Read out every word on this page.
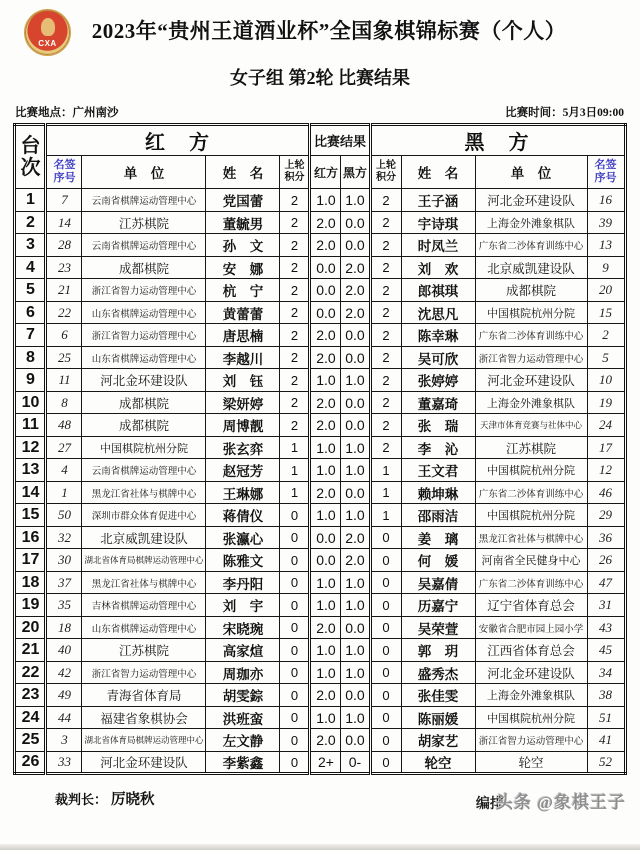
CXA
2023年“贵州王道酒业杯”全国象棋锦标赛（个人）
女子组 第2轮 比赛结果
比赛地点：广州南沙	比赛时间：5月3日09:00
台次	红　方				比赛结果		黑　方			
	名签序号	单　位	姓　名	上轮积分	红方	黑方	上轮积分	姓　名	单　位	名签序号
1	7	云南省棋牌运动管理中心	党国蕾	2	1.0	1.0	2	王子涵	河北金环建设队	16
2	14	江苏棋院	董毓男	2	2.0	0.0	2	宇诗琪	上海金外滩象棋队	39
3	28	云南省棋牌运动管理中心	孙　文	2	2.0	0.0	2	时凤兰	广东省二沙体育训练中心	13
4	23	成都棋院	安　娜	2	0.0	2.0	2	刘　欢	北京威凯建设队	9
5	21	浙江省智力运动管理中心	杭　宁	2	0.0	2.0	2	郎祺琪	成都棋院	20
6	22	山东省棋牌运动管理中心	黄蕾蕾	2	0.0	2.0	2	沈思凡	中国棋院杭州分院	15
7	6	浙江省智力运动管理中心	唐思楠	2	2.0	0.0	2	陈幸琳	广东省二沙体育训练中心	2
8	25	山东省棋牌运动管理中心	李越川	2	2.0	0.0	2	吴可欣	浙江省智力运动管理中心	5
9	11	河北金环建设队	刘　钰	2	1.0	1.0	2	张婷婷	河北金环建设队	10
10	8	成都棋院	梁妍婷	2	2.0	0.0	2	董嘉琦	上海金外滩象棋队	19
11	48	成都棋院	周博靓	2	2.0	0.0	2	张　瑞	天津市体育竞赛与社体中心	24
12	27	中国棋院杭州分院	张玄弈	1	1.0	1.0	2	李　沁	江苏棋院	17
13	4	云南省棋牌运动管理中心	赵冠芳	1	1.0	1.0	1	王文君	中国棋院杭州分院	12
14	1	黑龙江省社体与棋牌中心	王琳娜	1	2.0	0.0	1	赖坤琳	广东省二沙体育训练中心	46
15	50	深圳市群众体育促进中心	蒋倩仪	0	1.0	1.0	1	邵雨洁	中国棋院杭州分院	29
16	32	北京威凯建设队	张瀛心	0	0.0	2.0	0	姜　璃	黑龙江省社体与棋牌中心	36
17	30	湖北省体育局棋牌运动管理中心	陈雅文	0	0.0	2.0	0	何　媛	河南省全民健身中心	26
18	37	黑龙江省社体与棋牌中心	李丹阳	0	1.0	1.0	0	吴嘉倩	广东省二沙体育训练中心	47
19	35	吉林省棋牌运动管理中心	刘　宇	0	1.0	1.0	0	历嘉宁	辽宁省体育总会	31
20	18	山东省棋牌运动管理中心	宋晓琬	0	2.0	0.0	0	吴荣萱	安徽省合肥市园上园小学	43
21	40	江苏棋院	高家煊	0	1.0	1.0	0	郭　玥	江西省体育总会	45
22	42	浙江省智力运动管理中心	周珈亦	0	1.0	1.0	0	盛秀杰	河北金环建设队	34
23	49	青海省体育局	胡雯錝	0	2.0	0.0	0	张佳雯	上海金外滩象棋队	38
24	44	福建省象棋协会	洪班蛮	0	1.0	1.0	0	陈丽媛	中国棋院杭州分院	51
25	3	湖北省体育局棋牌运动管理中心	左文静	0	2.0	0.0	0	胡家艺	浙江省智力运动管理中心	41
26	33	河北金环建设队	李紫鑫	0	2+	0-	0	轮空	轮空	52
裁判长： 厉晓秋	编排头条 @象棋王子
